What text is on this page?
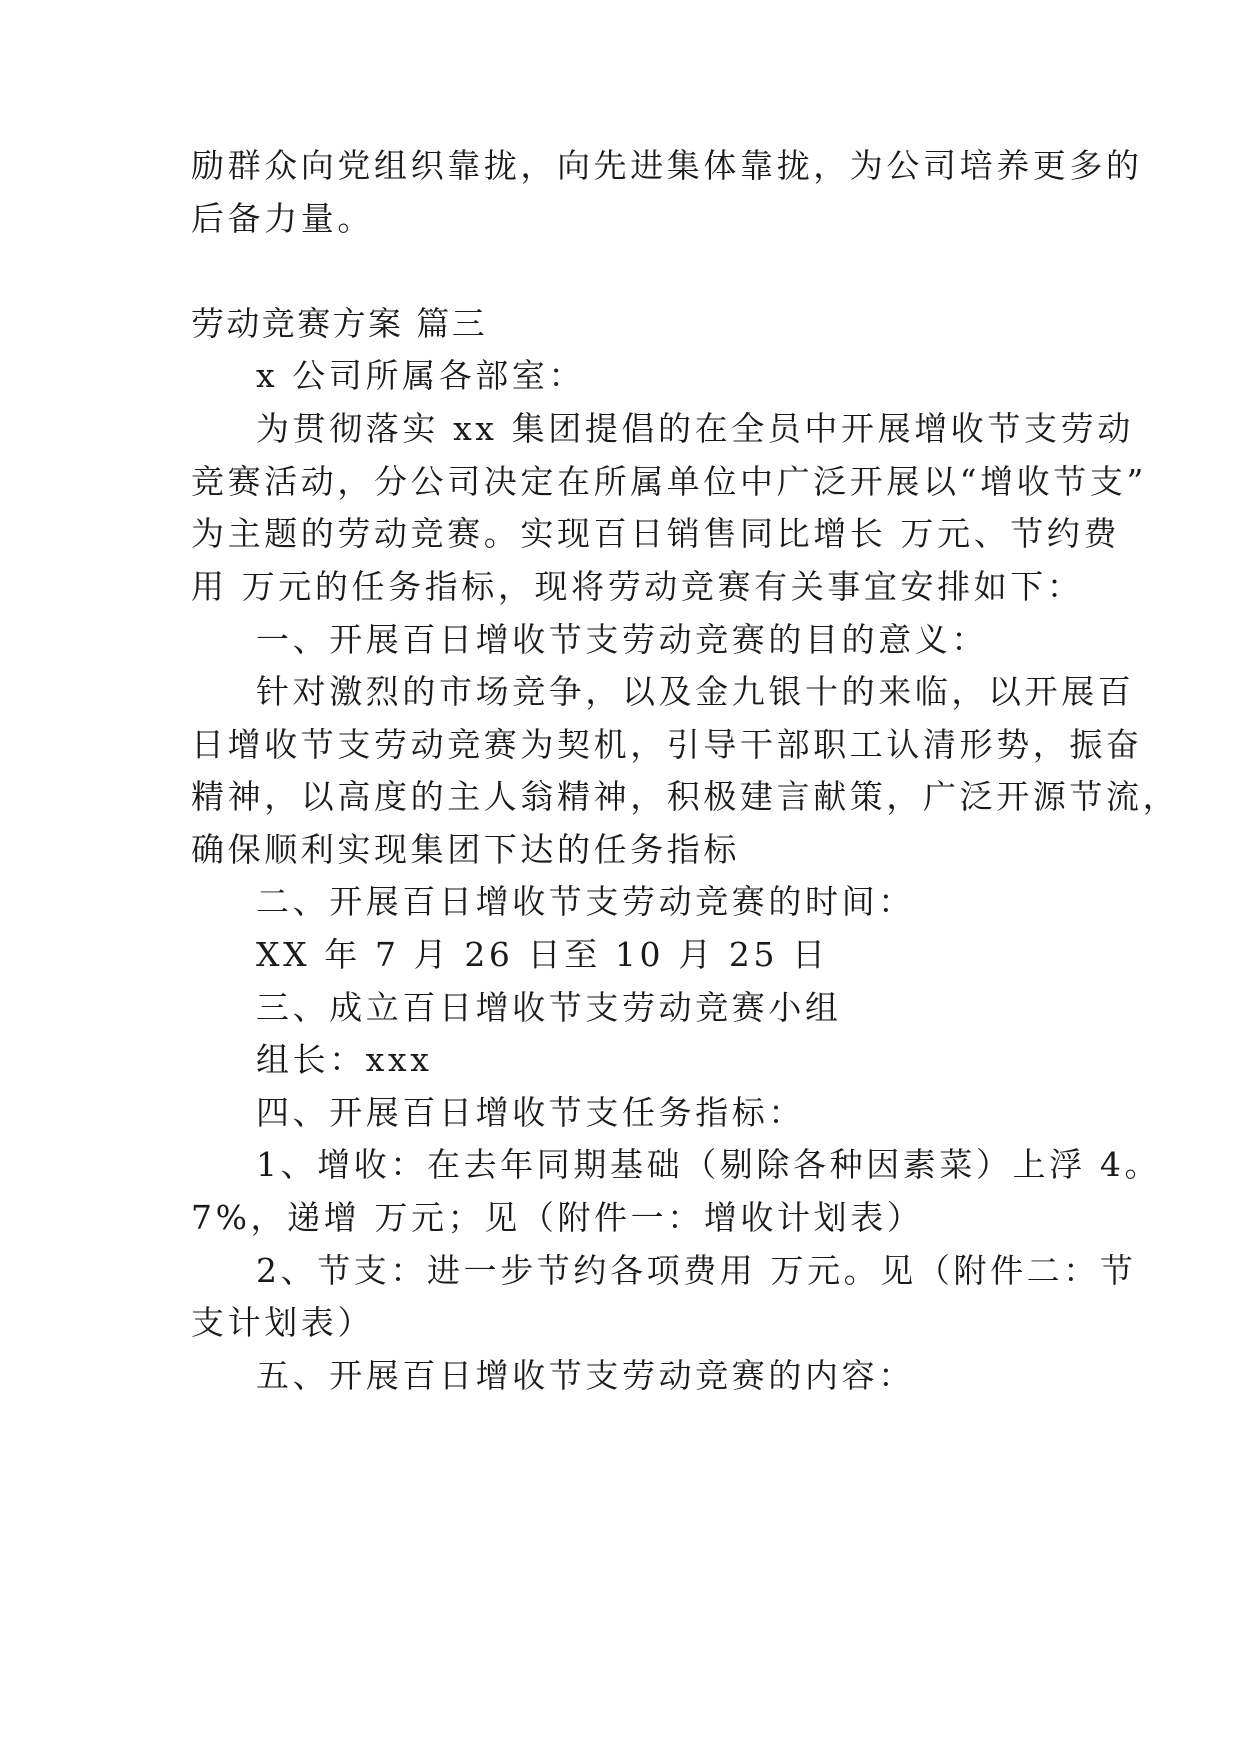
励群众向党组织靠拢，向先进集体靠拢，为公司培养更多的
后备力量。
劳动竞赛方案 篇三
x 公司所属各部室：
为贯彻落实 xx 集团提倡的在全员中开展增收节支劳动
竞赛活动，分公司决定在所属单位中广泛开展以“增收节支”
为主题的劳动竞赛。实现百日销售同比增长 万元、节约费
用 万元的任务指标，现将劳动竞赛有关事宜安排如下：
一、开展百日增收节支劳动竞赛的目的意义：
针对激烈的市场竞争，以及金九银十的来临，以开展百
日增收节支劳动竞赛为契机，引导干部职工认清形势，振奋
精神，以高度的主人翁精神，积极建言献策，广泛开源节流，
确保顺利实现集团下达的任务指标
二、开展百日增收节支劳动竞赛的时间：
XX 年 7 月 26 日至 10 月 25 日
三、成立百日增收节支劳动竞赛小组
组长：xxx
四、开展百日增收节支任务指标：
1、增收：在去年同期基础（剔除各种因素菜）上浮 4。
7%，递增 万元；见（附件一：增收计划表）
2、节支：进一步节约各项费用 万元。见（附件二：节
支计划表）
五、开展百日增收节支劳动竞赛的内容：
